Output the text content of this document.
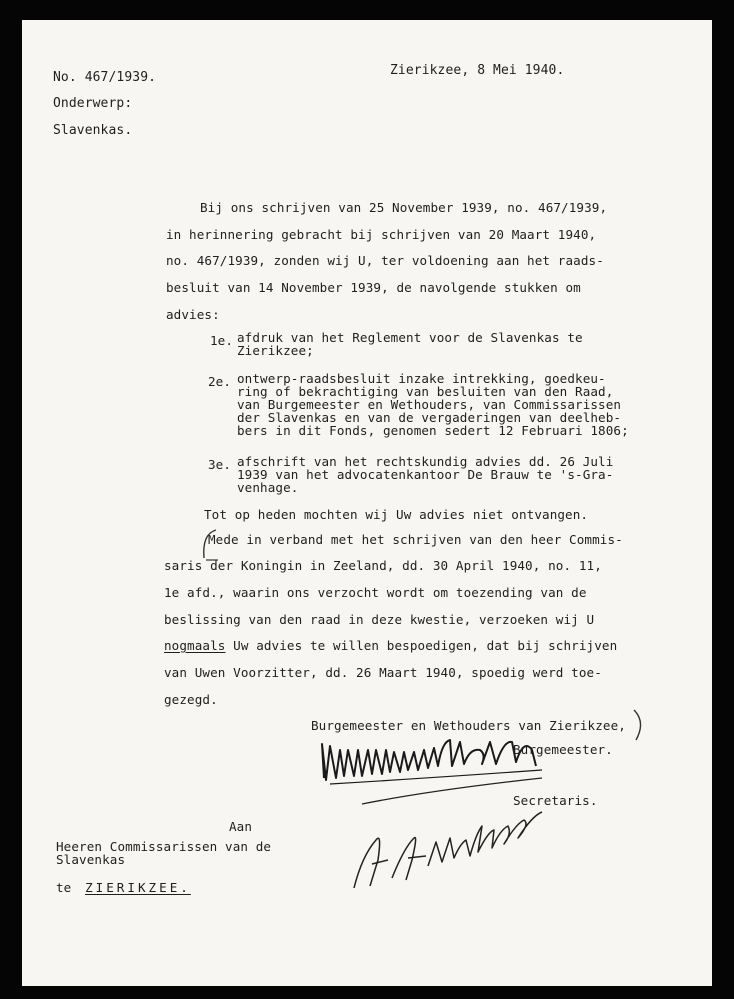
No. 467/1939.	Zierikzee, 8 Mei 1940.
Onderwerp:
Slavenkas.
Bij ons schrijven van 25 November 1939, no. 467/1939,
in herinnering gebracht bij schrijven van 20 Maart 1940,
no. 467/1939, zonden wij U, ter voldoening aan het raads-
besluit van 14 November 1939, de navolgende stukken om
advies:
1e. afdruk van het Reglement voor de Slavenkas te
Zierikzee;
2e. ontwerp-raadsbesluit inzake intrekking, goedkeu-
ring of bekrachtiging van besluiten van den Raad,
van Burgemeester en Wethouders, van Commissarissen
der Slavenkas en van de vergaderingen van deelheb-
bers in dit Fonds, genomen sedert 12 Februari 1806;
3e. afschrift van het rechtskundig advies dd. 26 Juli
1939 van het advocatenkantoor De Brauw te 's-Gra-
venhage.
Tot op heden mochten wij Uw advies niet ontvangen.
Mede in verband met het schrijven van den heer Commis-
saris der Koningin in Zeeland, dd. 30 April 1940, no. 11,
1e afd., waarin ons verzocht wordt om toezending van de
beslissing van den raad in deze kwestie, verzoeken wij U
nogmaals Uw advies te willen bespoedigen, dat bij schrijven
van Uwen Voorzitter, dd. 26 Maart 1940, spoedig werd toe-
gezegd.
Burgemeester en Wethouders van Zierikzee,
Burgemeester.
Secretaris.
Aan
Heeren Commissarissen van de
Slavenkas
te ZIERIKZEE.
